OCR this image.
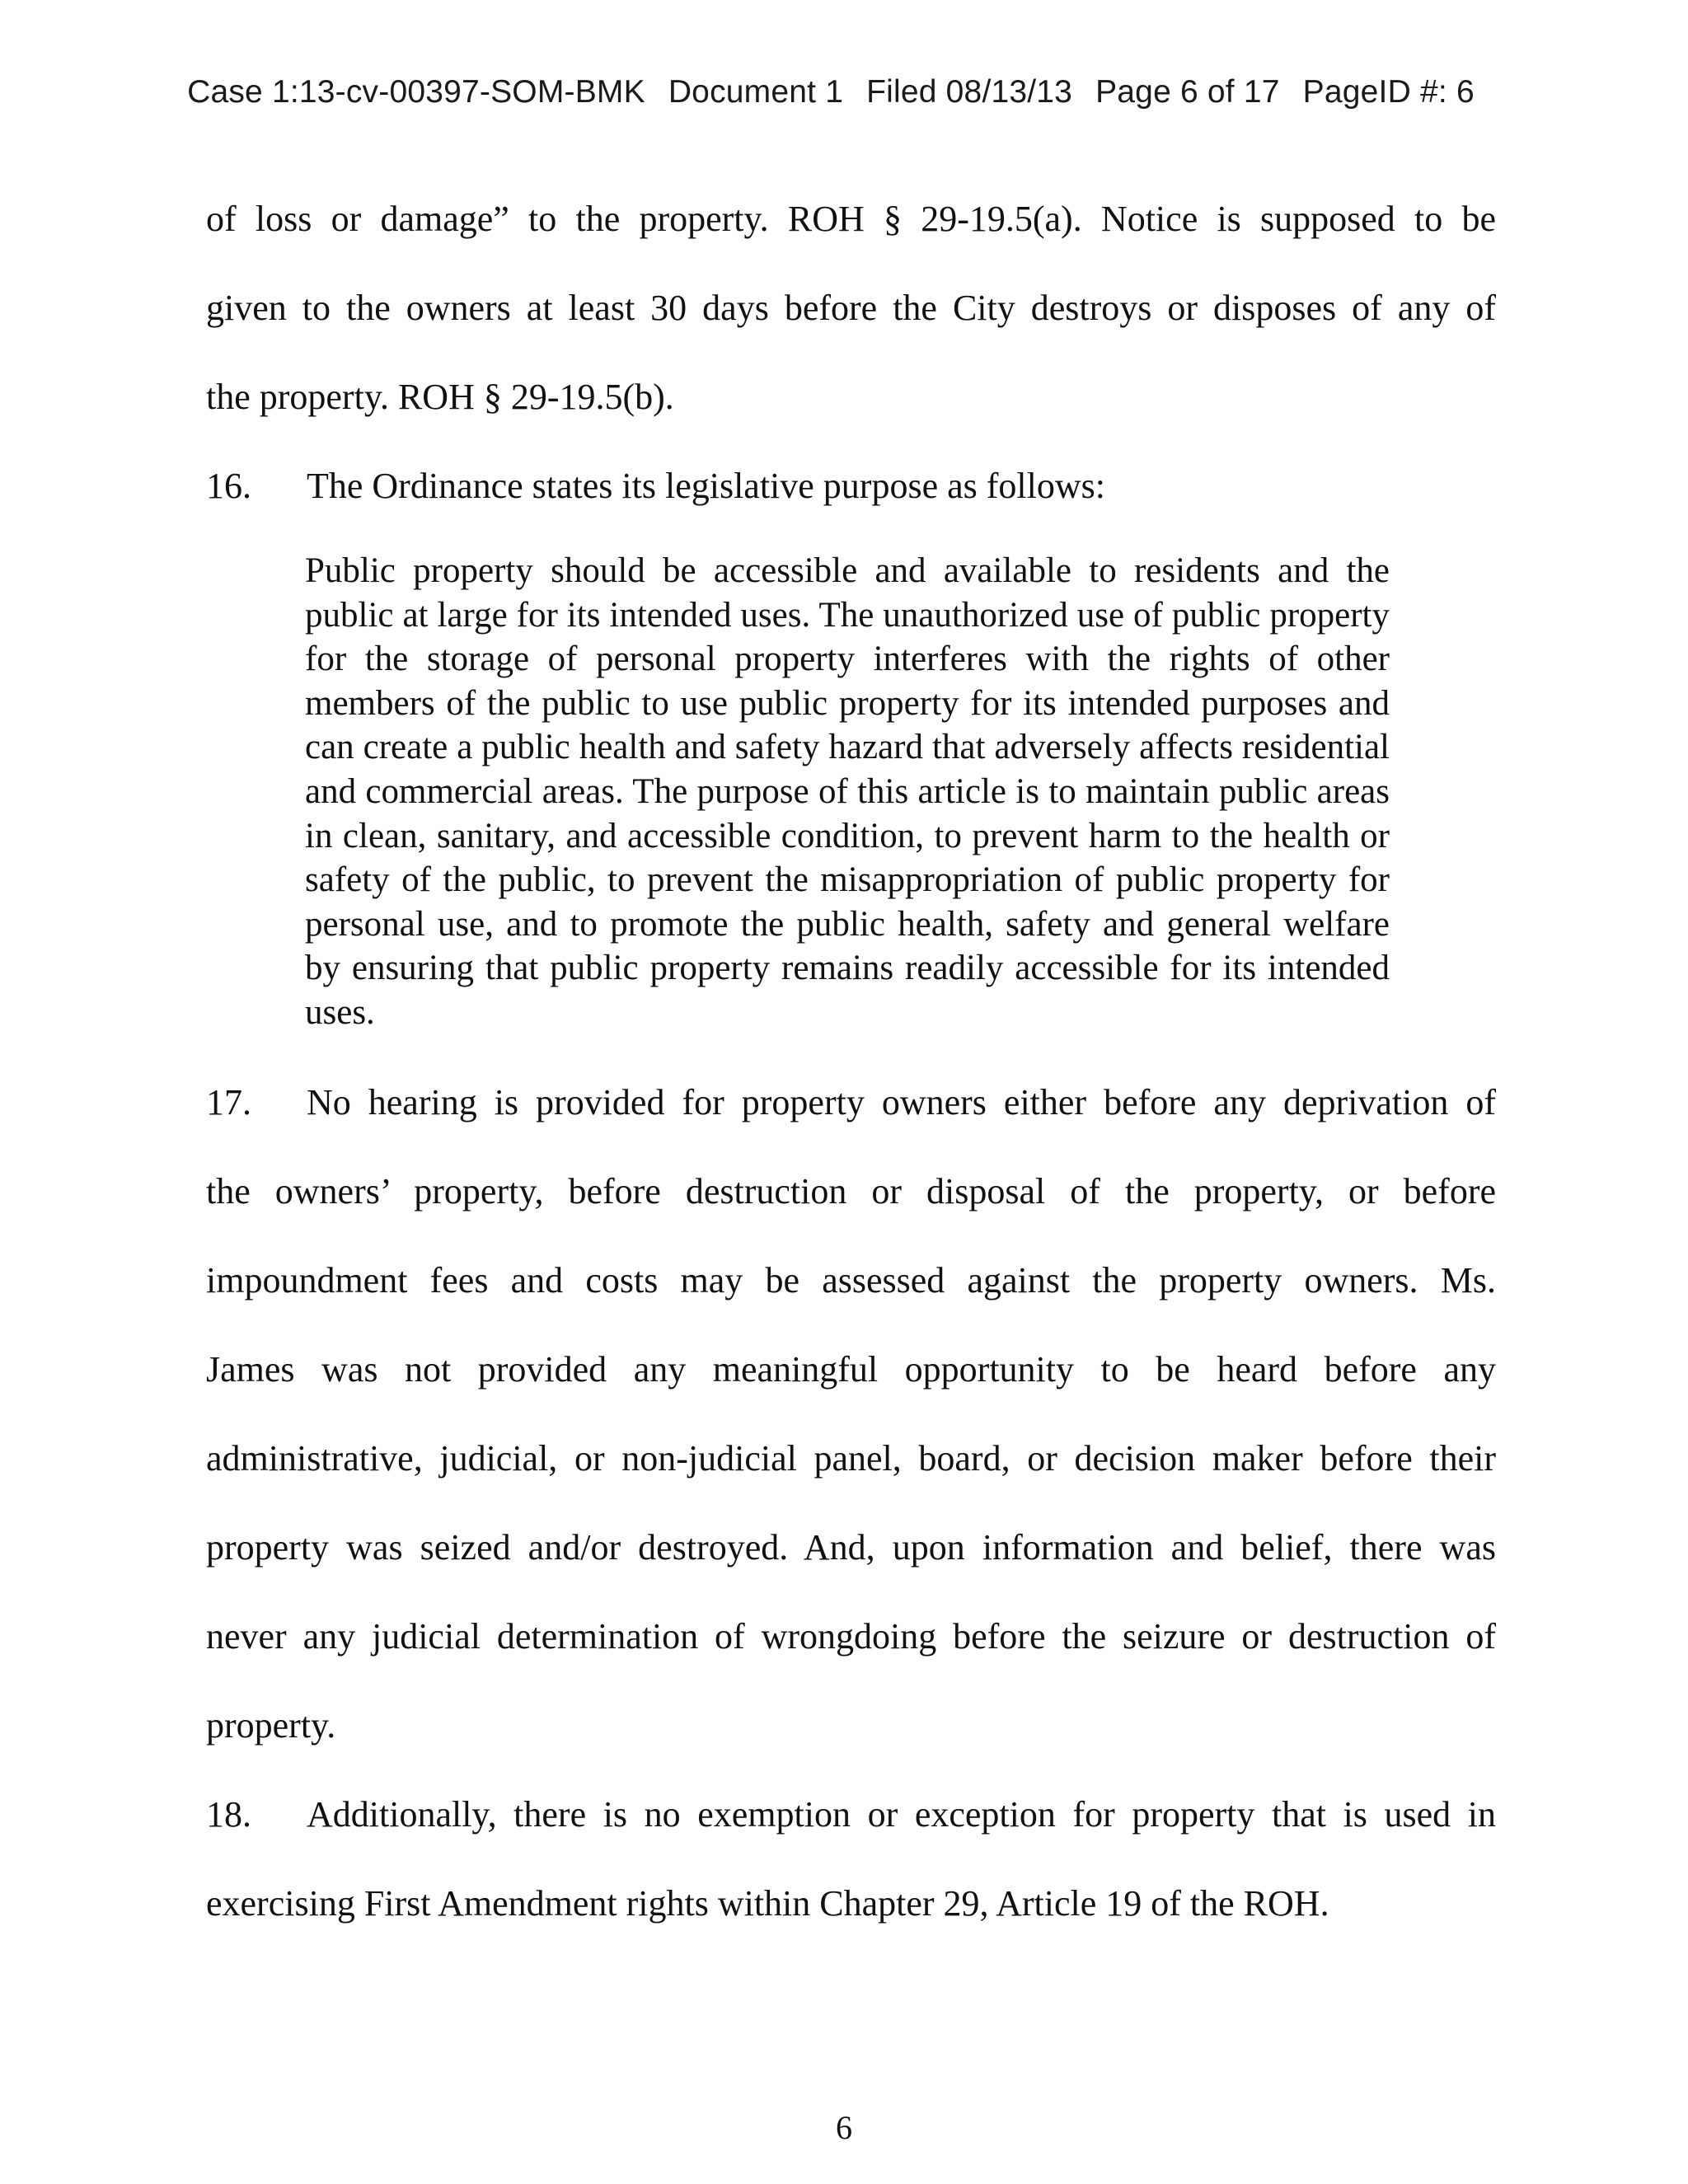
Case 1:13-cv-00397-SOM-BMK Document 1 Filed 08/13/13 Page 6 of 17 PageID #: 6

of loss or damage” to the property. ROH § 29-19.5(a). Notice is supposed to be
given to the owners at least 30 days before the City destroys or disposes of any of
the property. ROH § 29-19.5(b).
16. The Ordinance states its legislative purpose as follows:
Public property should be accessible and available to residents and the public at large for its intended uses. The unauthorized use of public property for the storage of personal property interferes with the rights of other members of the public to use public property for its intended purposes and can create a public health and safety hazard that adversely affects residential and commercial areas. The purpose of this article is to maintain public areas in clean, sanitary, and accessible condition, to prevent harm to the health or safety of the public, to prevent the misappropriation of public property for personal use, and to promote the public health, safety and general welfare by ensuring that public property remains readily accessible for its intended uses.
17. No hearing is provided for property owners either before any deprivation of
the owners’ property, before destruction or disposal of the property, or before
impoundment fees and costs may be assessed against the property owners. Ms.
James was not provided any meaningful opportunity to be heard before any
administrative, judicial, or non-judicial panel, board, or decision maker before their
property was seized and/or destroyed. And, upon information and belief, there was
never any judicial determination of wrongdoing before the seizure or destruction of
property.
18. Additionally, there is no exemption or exception for property that is used in
exercising First Amendment rights within Chapter 29, Article 19 of the ROH.
6
